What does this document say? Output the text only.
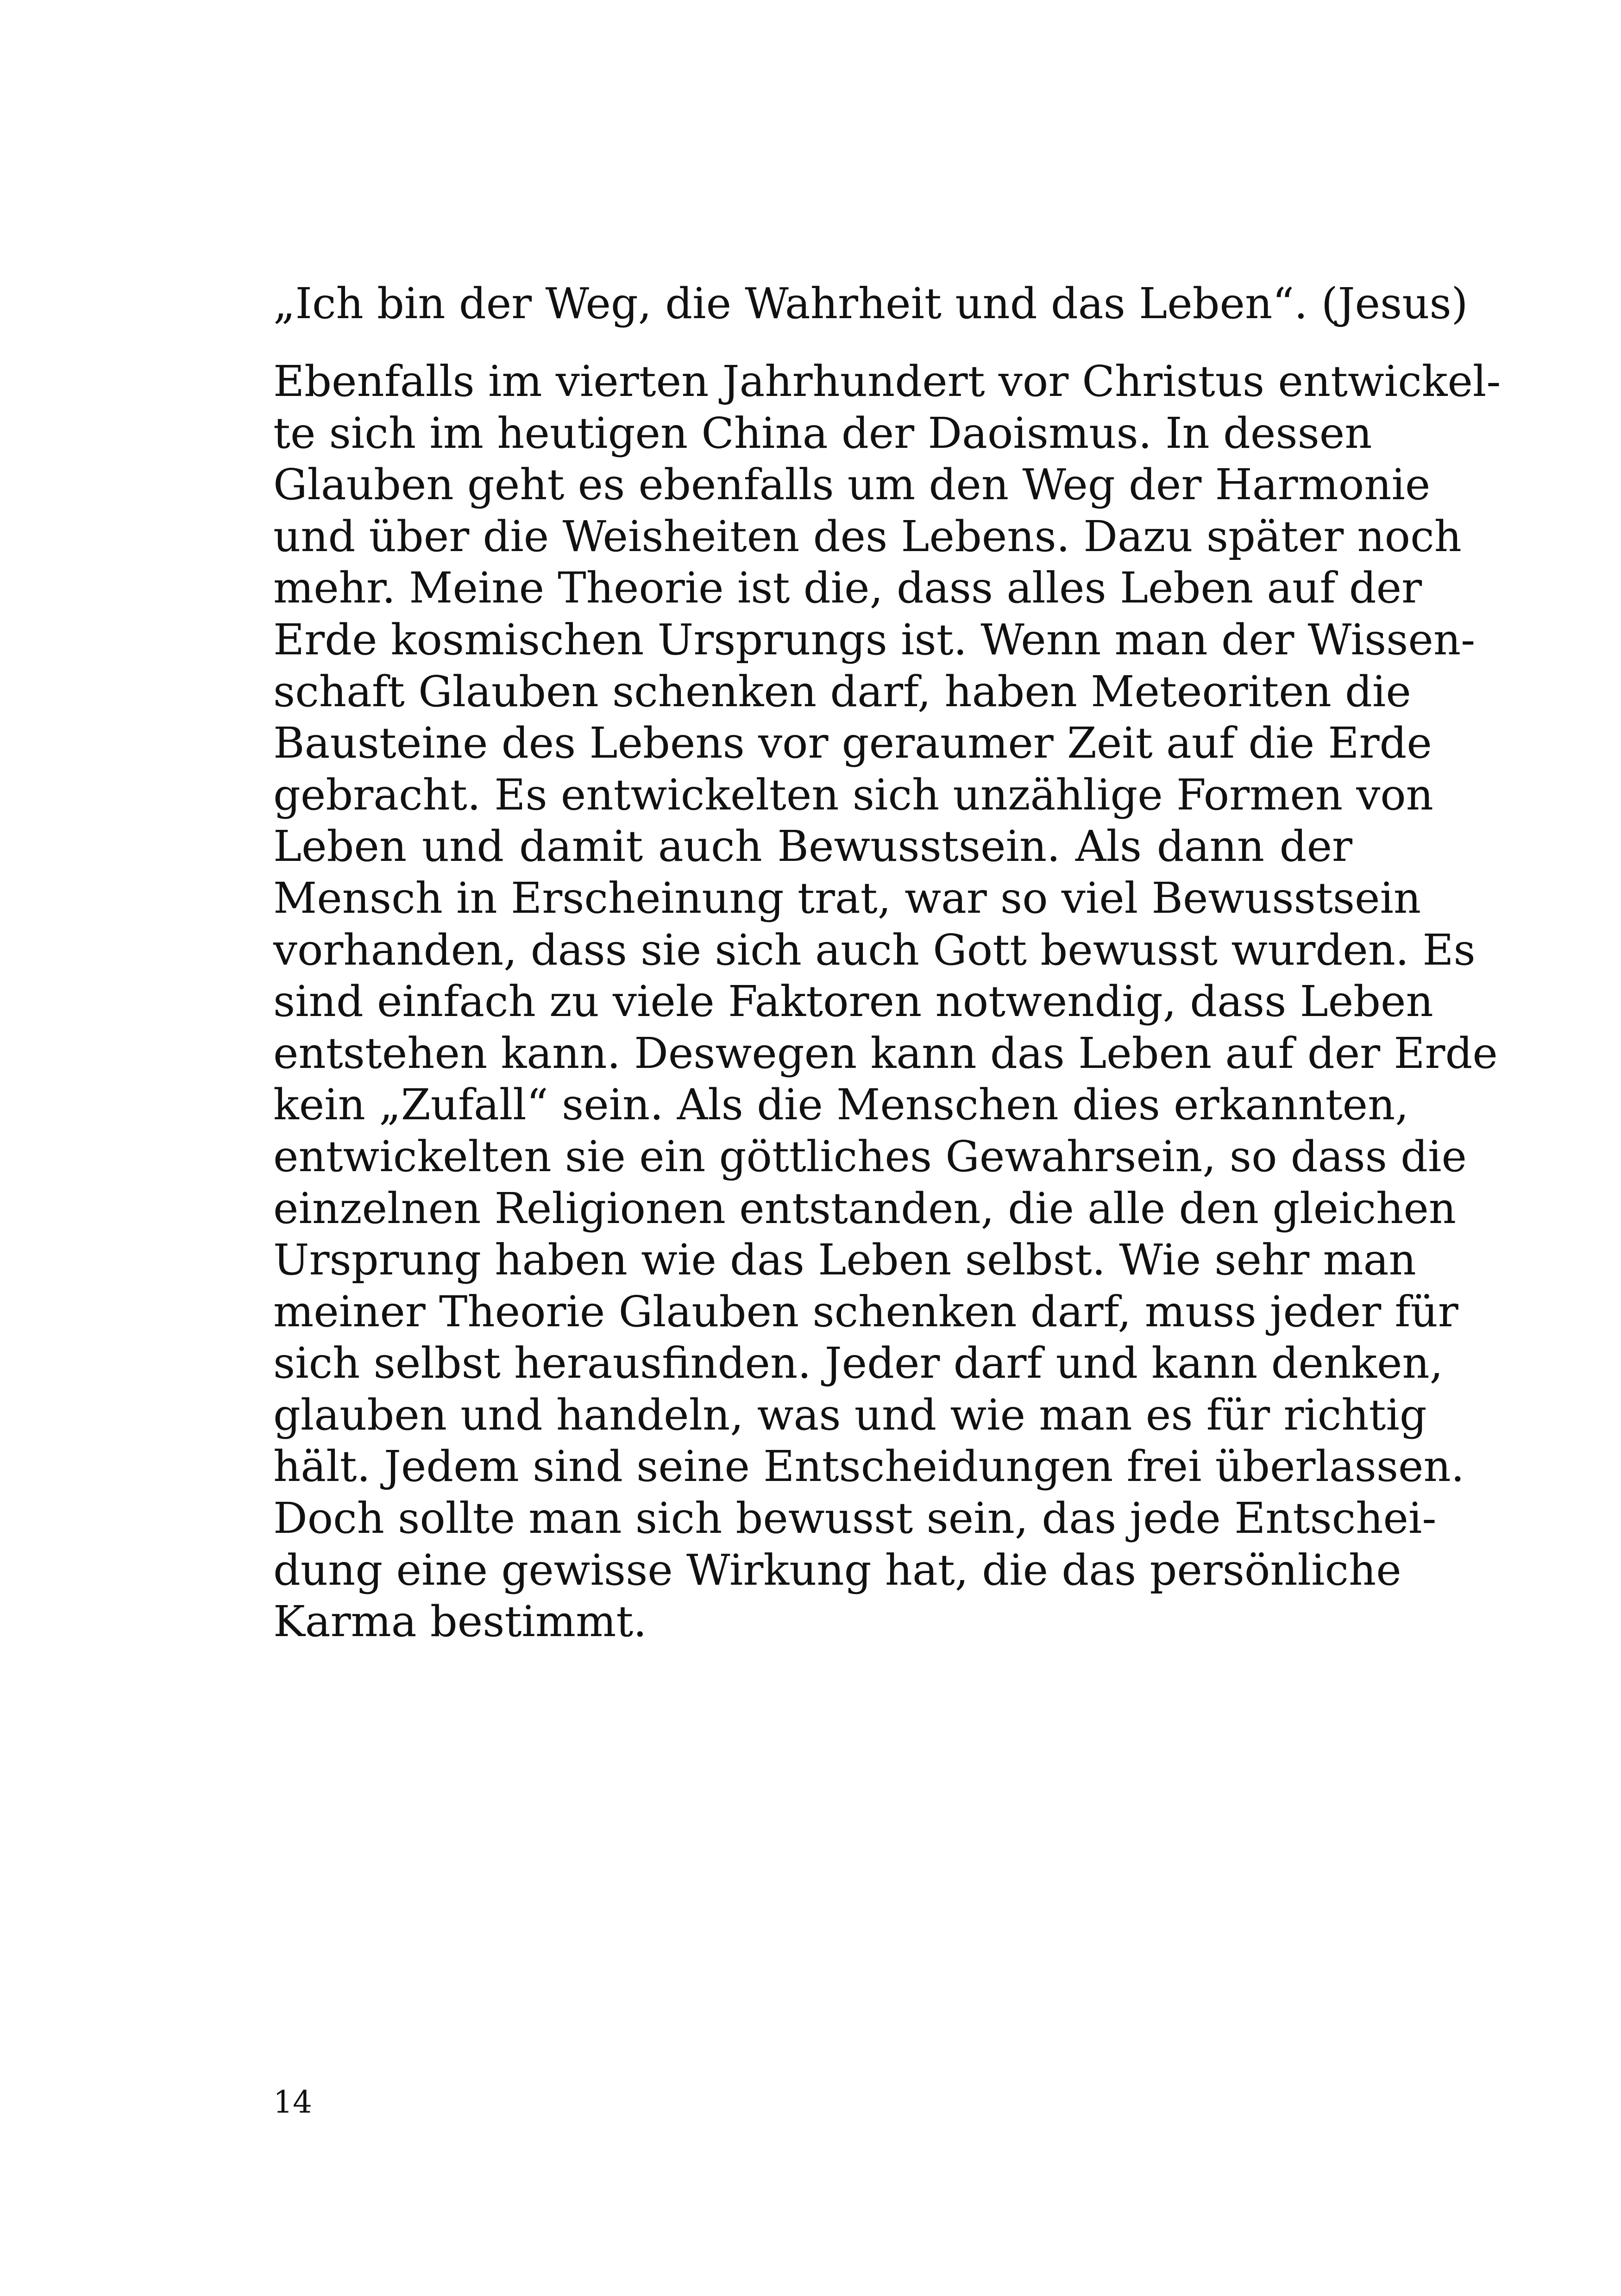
„Ich bin der Weg, die Wahrheit und das Leben“. (Jesus)

Ebenfalls im vierten Jahrhundert vor Christus entwickel-
te sich im heutigen China der Daoismus. In dessen
Glauben geht es ebenfalls um den Weg der Harmonie
und über die Weisheiten des Lebens. Dazu später noch
mehr. Meine Theorie ist die, dass alles Leben auf der
Erde kosmischen Ursprungs ist. Wenn man der Wissen-
schaft Glauben schenken darf, haben Meteoriten die
Bausteine des Lebens vor geraumer Zeit auf die Erde
gebracht. Es entwickelten sich unzählige Formen von
Leben und damit auch Bewusstsein. Als dann der
Mensch in Erscheinung trat, war so viel Bewusstsein
vorhanden, dass sie sich auch Gott bewusst wurden. Es
sind einfach zu viele Faktoren notwendig, dass Leben
entstehen kann. Deswegen kann das Leben auf der Erde
kein „Zufall“ sein. Als die Menschen dies erkannten,
entwickelten sie ein göttliches Gewahrsein, so dass die
einzelnen Religionen entstanden, die alle den gleichen
Ursprung haben wie das Leben selbst. Wie sehr man
meiner Theorie Glauben schenken darf, muss jeder für
sich selbst herausfinden. Jeder darf und kann denken,
glauben und handeln, was und wie man es für richtig
hält. Jedem sind seine Entscheidungen frei überlassen.
Doch sollte man sich bewusst sein, das jede Entschei-
dung eine gewisse Wirkung hat, die das persönliche
Karma bestimmt.
14
